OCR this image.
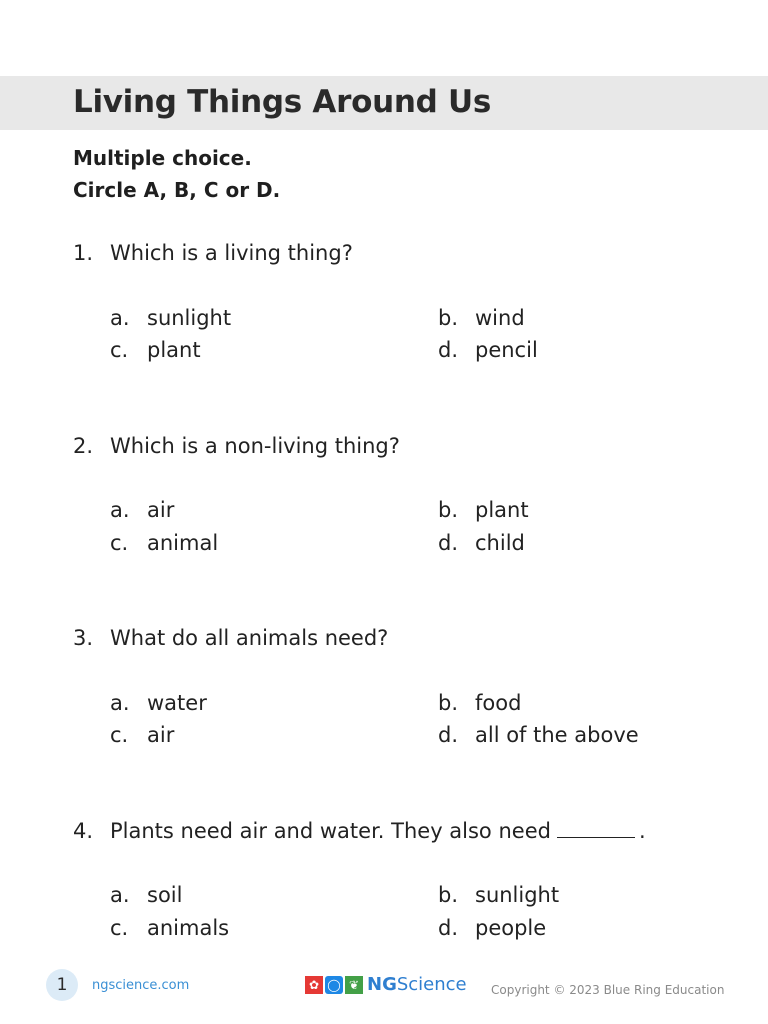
Living Things Around Us
Multiple choice.
Circle A, B, C or D.
1. Which is a living thing?
a. sunlight	b. wind
c. plant	d. pencil
2. Which is a non-living thing?
a. air	b. plant
c. animal	d. child
3. What do all animals need?
a. water	b. food
c. air	d. all of the above
4. Plants need air and water. They also need	.
a. soil	b. sunlight
c. animals	d. people
1	ngscience.com	✿ ◯ ❦ NGScience Copyright © 2023 Blue Ring Education
